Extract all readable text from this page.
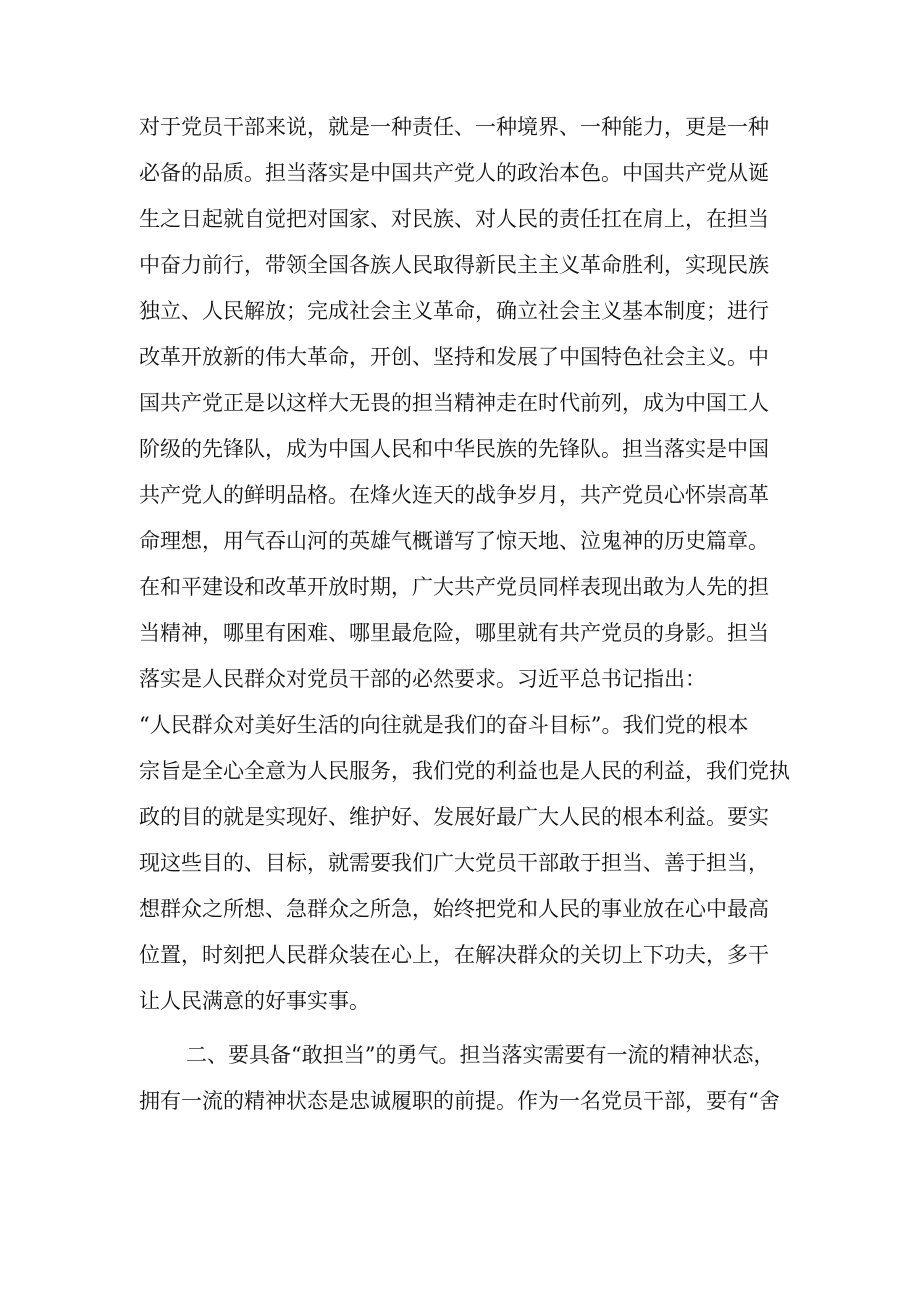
对于党员干部来说，就是一种责任、一种境界、一种能力，更是一种
必备的品质。担当落实是中国共产党人的政治本色。中国共产党从诞
生之日起就自觉把对国家、对民族、对人民的责任扛在肩上，在担当
中奋力前行，带领全国各族人民取得新民主主义革命胜利，实现民族
独立、人民解放；完成社会主义革命，确立社会主义基本制度；进行
改革开放新的伟大革命，开创、坚持和发展了中国特色社会主义。中
国共产党正是以这样大无畏的担当精神走在时代前列，成为中国工人
阶级的先锋队，成为中国人民和中华民族的先锋队。担当落实是中国
共产党人的鲜明品格。在烽火连天的战争岁月，共产党员心怀崇高革
命理想，用气吞山河的英雄气概谱写了惊天地、泣鬼神的历史篇章。
在和平建设和改革开放时期，广大共产党员同样表现出敢为人先的担
当精神，哪里有困难、哪里最危险，哪里就有共产党员的身影。担当
落实是人民群众对党员干部的必然要求。习近平总书记指出：
“人民群众对美好生活的向往就是我们的奋斗目标”。我们党的根本
宗旨是全心全意为人民服务，我们党的利益也是人民的利益，我们党执
政的目的就是实现好、维护好、发展好最广大人民的根本利益。要实
现这些目的、目标，就需要我们广大党员干部敢于担当、善于担当，
想群众之所想、急群众之所急，始终把党和人民的事业放在心中最高
位置，时刻把人民群众装在心上，在解决群众的关切上下功夫，多干
让人民满意的好事实事。
二、要具备“敢担当”的勇气。担当落实需要有一流的精神状态，
拥有一流的精神状态是忠诚履职的前提。作为一名党员干部，要有“舍
